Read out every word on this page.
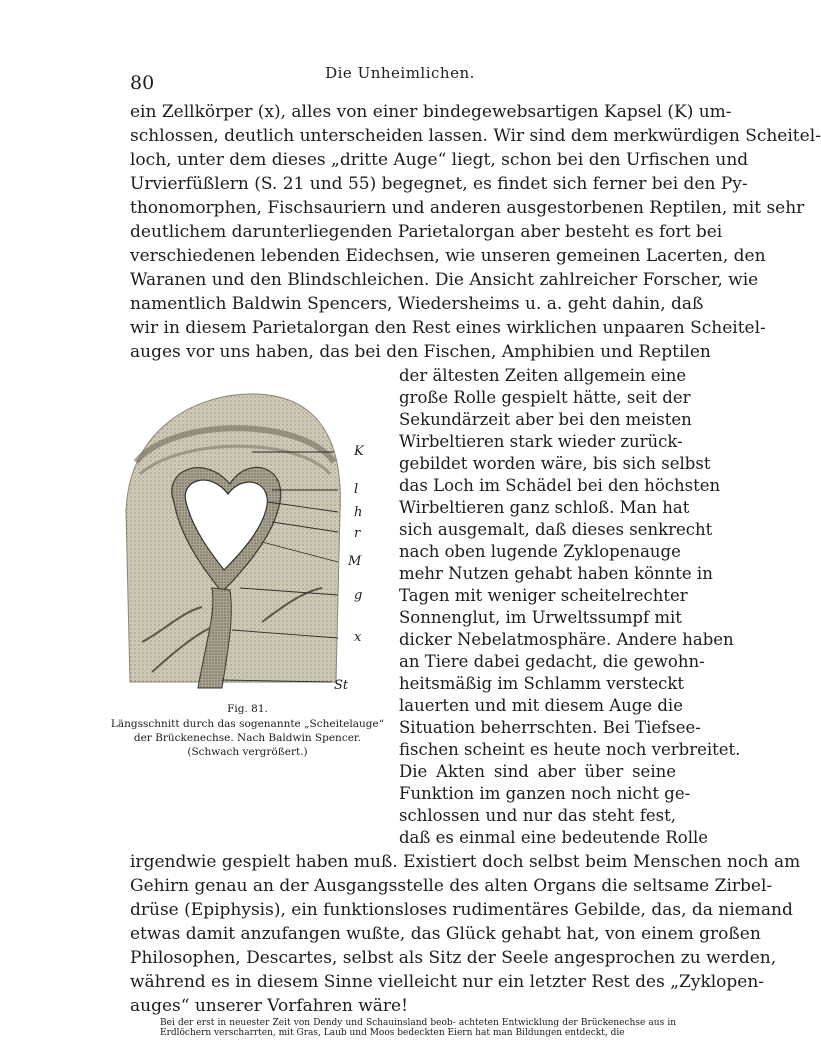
80	Die Unheimlichen.
ein Zellkörper (x), alles von einer bindegewebsartigen Kapsel (K) um-
schlossen, deutlich unterscheiden lassen. Wir sind dem merkwürdigen Scheitel-
loch, unter dem dieses „dritte Auge“ liegt, schon bei den Urfischen und
Urvierfüßlern (S. 21 und 55) begegnet, es findet sich ferner bei den Py-
thonomorphen, Fischsauriern und anderen ausgestorbenen Reptilen, mit sehr
deutlichem darunterliegenden Parietalorgan aber besteht es fort bei
verschiedenen lebenden Eidechsen, wie unseren gemeinen Lacerten, den
Waranen und den Blindschleichen. Die Ansicht zahlreicher Forscher, wie
namentlich Baldwin Spencers, Wiedersheims u. a. geht dahin, daß
wir in diesem Parietalorgan den Rest eines wirklichen unpaaren Scheitel-
auges vor uns haben, das bei den Fischen, Amphibien und Reptilen
der ältesten Zeiten allgemein eine
große Rolle gespielt hätte, seit der
Sekundärzeit aber bei den meisten
Wirbeltieren stark wieder zurück-
gebildet worden wäre, bis sich selbst
das Loch im Schädel bei den höchsten
Wirbeltieren ganz schloß. Man hat
sich ausgemalt, daß dieses senkrecht
nach oben lugende Zyklopenauge
mehr Nutzen gehabt haben könnte in
Tagen mit weniger scheitelrechter
Sonnenglut, im Urweltssumpf mit
dicker Nebelatmosphäre. Andere haben
an Tiere dabei gedacht, die gewohn-
heitsmäßig im Schlamm versteckt
lauerten und mit diesem Auge die
Situation beherrschten. Bei Tiefsee-
fischen scheint es heute noch verbreitet.
Die Akten sind aber über seine
Funktion im ganzen noch nicht ge-
schlossen und nur das steht fest,
daß es einmal eine bedeutende Rolle
irgendwie gespielt haben muß. Existiert doch selbst beim Menschen noch am
Gehirn genau an der Ausgangsstelle des alten Organs die seltsame Zirbel-
drüse (Epiphysis), ein funktionsloses rudimentäres Gebilde, das, da niemand
etwas damit anzufangen wußte, das Glück gehabt hat, von einem großen
Philosophen, Descartes, selbst als Sitz der Seele angesprochen zu werden,
während es in diesem Sinne vielleicht nur ein letzter Rest des „Zyklopen-
auges“ unserer Vorfahren wäre!
Bei der erst in neuester Zeit von Dendy und Schauinsland beob- achteten Entwicklung der Brückenechse aus in Erdlöchern verscharrten, mit Gras, Laub und Moos bedeckten Eiern hat man Bildungen entdeckt, die
K
l
h
r
M
g
x
St
Fig. 81.
Längsschnitt durch das sogenannte „Scheitelauge“
der Brückenechse. Nach Baldwin Spencer.
(Schwach vergrößert.)
